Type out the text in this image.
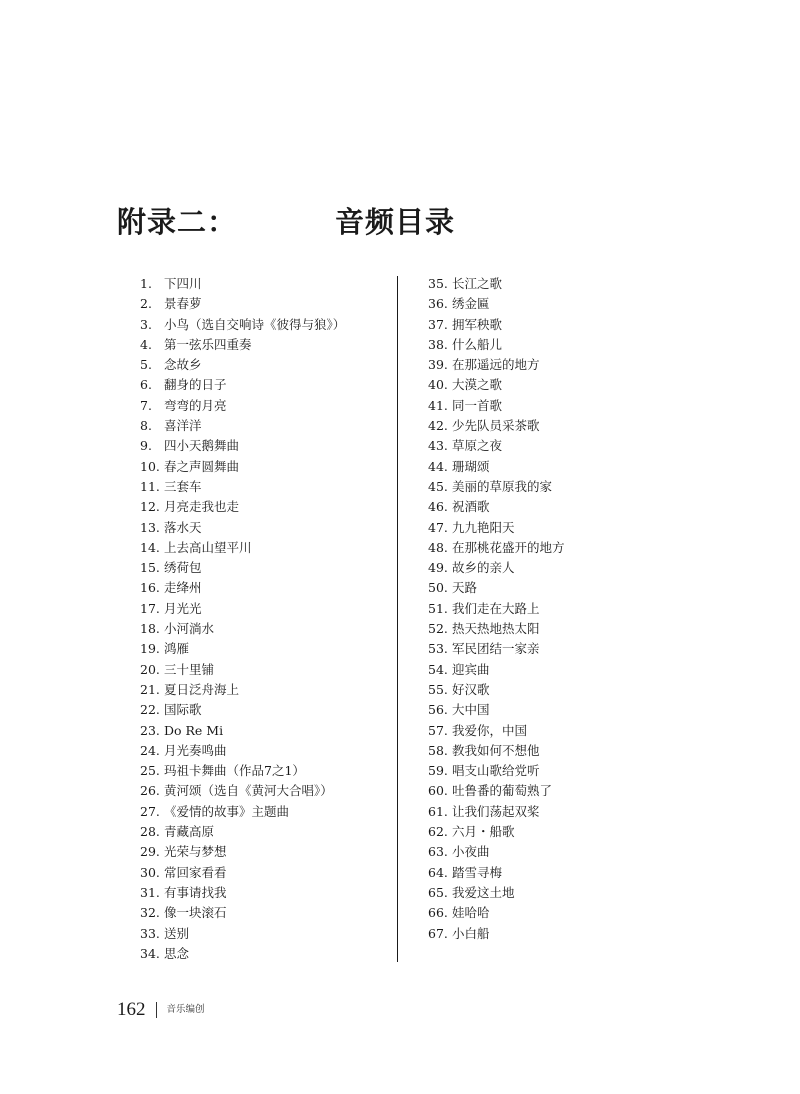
附录二：	音频目录
1. 下四川
2. 景春萝
3. 小鸟（选自交响诗《彼得与狼》）
4. 第一弦乐四重奏
5. 念故乡
6. 翻身的日子
7. 弯弯的月亮
8. 喜洋洋
9. 四小天鹅舞曲
10. 春之声圆舞曲
11. 三套车
12. 月亮走我也走
13. 落水天
14. 上去高山望平川
15. 绣荷包
16. 走绛州
17. 月光光
18. 小河淌水
19. 鸿雁
20. 三十里铺
21. 夏日泛舟海上
22. 国际歌
23. Do Re Mi
24. 月光奏鸣曲
25. 玛祖卡舞曲（作品7之1）
26. 黄河颂（选自《黄河大合唱》）
27. 《爱情的故事》主题曲
28. 青藏高原
29. 光荣与梦想
30. 常回家看看
31. 有事请找我
32. 像一块滚石
33. 送别
34. 思念
35. 长江之歌
36. 绣金匾
37. 拥军秧歌
38. 什么船儿
39. 在那遥远的地方
40. 大漠之歌
41. 同一首歌
42. 少先队员采茶歌
43. 草原之夜
44. 珊瑚颂
45. 美丽的草原我的家
46. 祝酒歌
47. 九九艳阳天
48. 在那桃花盛开的地方
49. 故乡的亲人
50. 天路
51. 我们走在大路上
52. 热天热地热太阳
53. 军民团结一家亲
54. 迎宾曲
55. 好汉歌
56. 大中国
57. 我爱你，中国
58. 教我如何不想他
59. 唱支山歌给党听
60. 吐鲁番的葡萄熟了
61. 让我们荡起双桨
62. 六月・船歌
63. 小夜曲
64. 踏雪寻梅
65. 我爱这土地
66. 娃哈哈
67. 小白船
162 音乐编创
